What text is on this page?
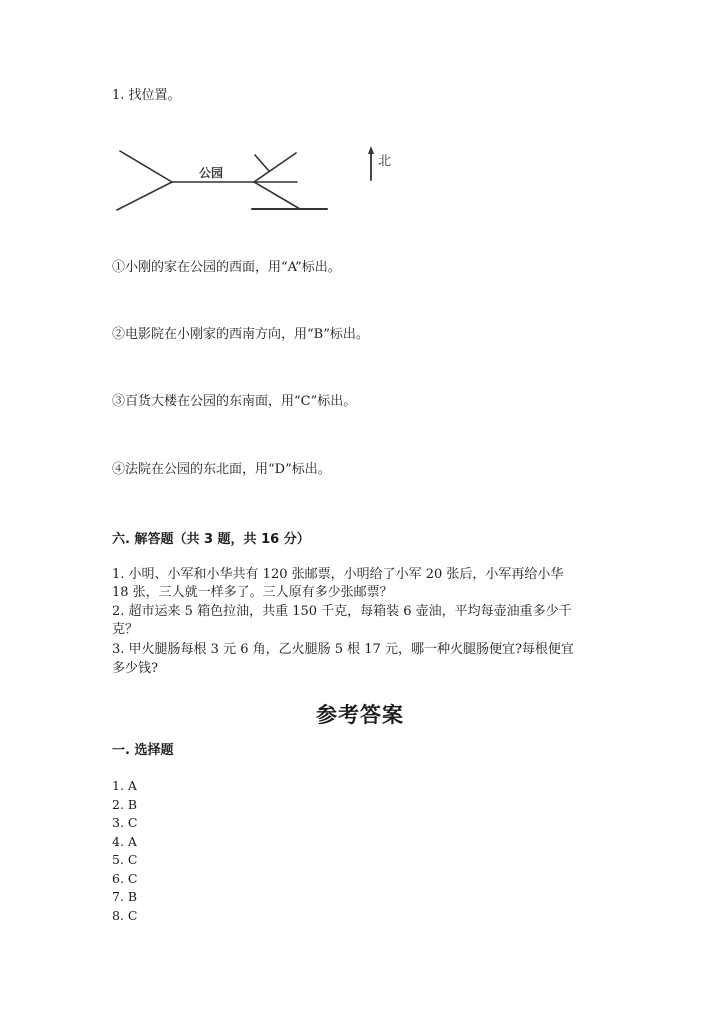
1. 找位置。
公园
北
①小刚的家在公园的西面，用“A”标出。
②电影院在小刚家的西南方向，用“B”标出。
③百货大楼在公园的东南面，用“C”标出。
④法院在公园的东北面，用“D”标出。
六. 解答题（共 3 题，共 16 分）
1. 小明、小军和小华共有 120 张邮票，小明给了小军 20 张后，小军再给小华
18 张，三人就一样多了。三人原有多少张邮票？
2. 超市运来 5 箱色拉油，共重 150 千克，每箱装 6 壶油，平均每壶油重多少千
克？
3. 甲火腿肠每根 3 元 6 角，乙火腿肠 5 根 17 元，哪一种火腿肠便宜?每根便宜
多少钱?
参考答案
一. 选择题
1. A
2. B
3. C
4. A
5. C
6. C
7. B
8. C
